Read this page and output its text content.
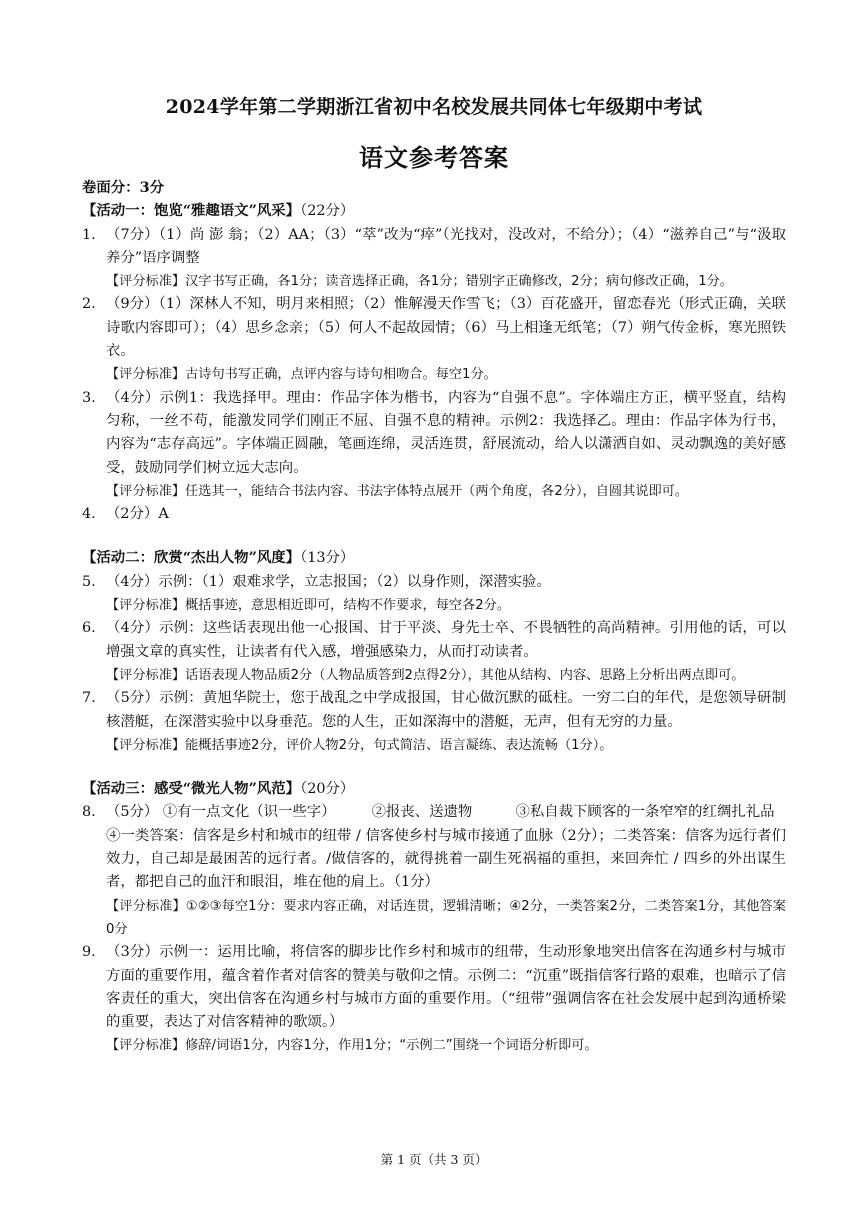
2024学年第二学期浙江省初中名校发展共同体七年级期中考试
语文参考答案
卷面分：3分
【活动一：饱览“雅趣语文”风采】（22分）
1. （7分）（1）尚 澎 翁；（2）AA；（3）“萃”改为“瘁”（光找对，没改对，不给分）；（4）“滋养自己”与“汲取养分”语序调整
【评分标准】汉字书写正确，各1分；读音选择正确，各1分；错别字正确修改，2分；病句修改正确，1分。
2. （9分）（1）深林人不知，明月来相照；（2）惟解漫天作雪飞；（3）百花盛开，留恋春光（形式正确，关联诗歌内容即可）；（4）思乡念亲；（5）何人不起故园情；（6）马上相逢无纸笔；（7）朔气传金柝，寒光照铁衣。
【评分标准】古诗句书写正确，点评内容与诗句相吻合。每空1分。
3. （4分）示例1：我选择甲。理由：作品字体为楷书，内容为“自强不息”。字体端庄方正，横平竖直，结构匀称，一丝不苟，能激发同学们刚正不屈、自强不息的精神。示例2：我选择乙。理由：作品字体为行书，内容为“志存高远”。字体端正圆融，笔画连绵，灵活连贯，舒展流动，给人以潇洒自如、灵动飘逸的美好感受，鼓励同学们树立远大志向。
【评分标准】任选其一，能结合书法内容、书法字体特点展开（两个角度，各2分），自圆其说即可。
4. （2分）A
【活动二：欣赏“杰出人物”风度】（13分）
5. （4分）示例：（1）艰难求学，立志报国；（2）以身作则，深潜实验。
【评分标准】概括事迹，意思相近即可，结构不作要求，每空各2分。
6. （4分）示例：这些话表现出他一心报国、甘于平淡、身先士卒、不畏牺牲的高尚精神。引用他的话，可以增强文章的真实性，让读者有代入感，增强感染力，从而打动读者。
【评分标准】话语表现人物品质2分（人物品质答到2点得2分），其他从结构、内容、思路上分析出两点即可。
7. （5分）示例：黄旭华院士，您于战乱之中学成报国，甘心做沉默的砥柱。一穷二白的年代，是您领导研制核潜艇，在深潜实验中以身垂范。您的人生，正如深海中的潜艇，无声，但有无穷的力量。
【评分标准】能概括事迹2分，评价人物2分，句式简洁、语言凝练、表达流畅（1分）。
【活动三：感受“微光人物”风范】（20分）
8. （5分） ①有一点文化（识一些字）　　　②报丧、送遗物　　　③私自裁下顾客的一条窄窄的红绸扎礼品
④一类答案：信客是乡村和城市的纽带 / 信客使乡村与城市接通了血脉（2分）；二类答案：信客为远行者们效力，自己却是最困苦的远行者。/做信客的，就得挑着一副生死祸福的重担，来回奔忙 / 四乡的外出谋生者，都把自己的血汗和眼泪，堆在他的肩上。（1分）
【评分标准】①②③每空1分：要求内容正确，对话连贯，逻辑清晰；④2分，一类答案2分，二类答案1分，其他答案0分
9. （3分）示例一：运用比喻，将信客的脚步比作乡村和城市的纽带，生动形象地突出信客在沟通乡村与城市方面的重要作用，蕴含着作者对信客的赞美与敬仰之情。示例二：“沉重”既指信客行路的艰难，也暗示了信客责任的重大，突出信客在沟通乡村与城市方面的重要作用。（“纽带”强调信客在社会发展中起到沟通桥梁的重要，表达了对信客精神的歌颂。）
【评分标准】修辞/词语1分，内容1分，作用1分；“示例二”围绕一个词语分析即可。
第 1 页（共 3 页）
